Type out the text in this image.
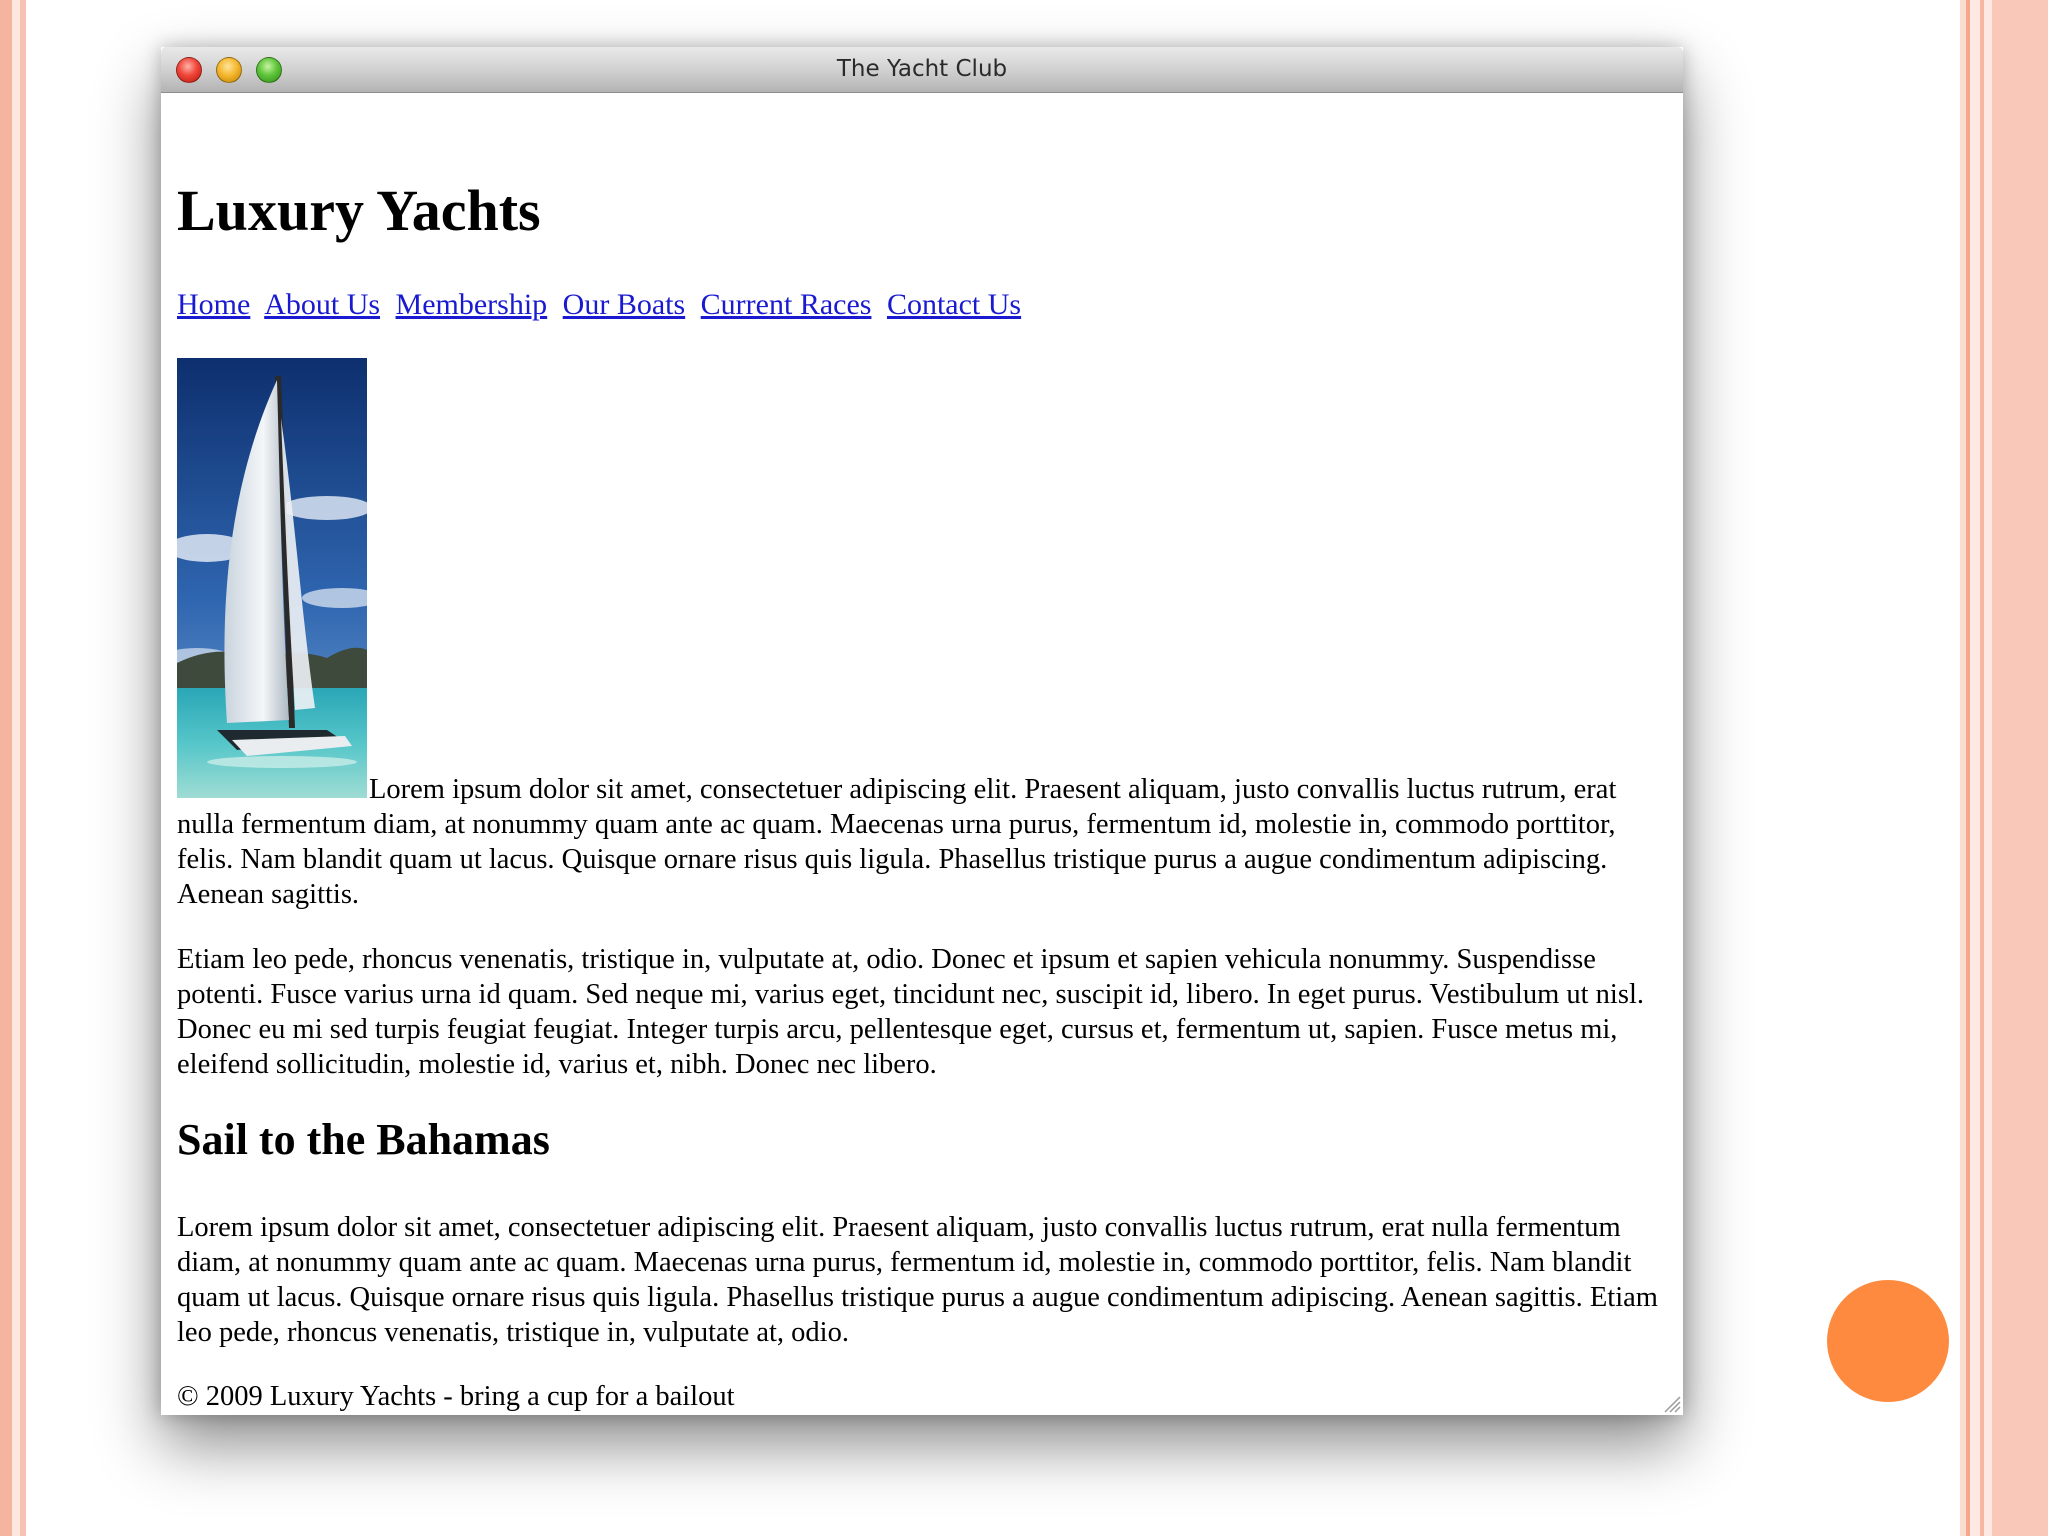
The Yacht Club
Luxury Yachts
Home About Us Membership Our Boats Current Races Contact Us

Lorem ipsum dolor sit amet, consectetuer adipiscing elit. Praesent aliquam, justo convallis luctus rutrum, erat nulla fermentum diam, at nonummy quam ante ac quam. Maecenas urna purus, fermentum id, molestie in, commodo porttitor, felis. Nam blandit quam ut lacus. Quisque ornare risus quis ligula. Phasellus tristique purus a augue condimentum adipiscing. Aenean sagittis.

Etiam leo pede, rhoncus venenatis, tristique in, vulputate at, odio. Donec et ipsum et sapien vehicula nonummy. Suspendisse potenti. Fusce varius urna id quam. Sed neque mi, varius eget, tincidunt nec, suscipit id, libero. In eget purus. Vestibulum ut nisl. Donec eu mi sed turpis feugiat feugiat. Integer turpis arcu, pellentesque eget, cursus et, fermentum ut, sapien. Fusce metus mi, eleifend sollicitudin, molestie id, varius et, nibh. Donec nec libero.

Sail to the Bahamas

Lorem ipsum dolor sit amet, consectetuer adipiscing elit. Praesent aliquam, justo convallis luctus rutrum, erat nulla fermentum diam, at nonummy quam ante ac quam. Maecenas urna purus, fermentum id, molestie in, commodo porttitor, felis. Nam blandit quam ut lacus. Quisque ornare risus quis ligula. Phasellus tristique purus a augue condimentum adipiscing. Aenean sagittis. Etiam leo pede, rhoncus venenatis, tristique in, vulputate at, odio.

© 2009 Luxury Yachts - bring a cup for a bailout
